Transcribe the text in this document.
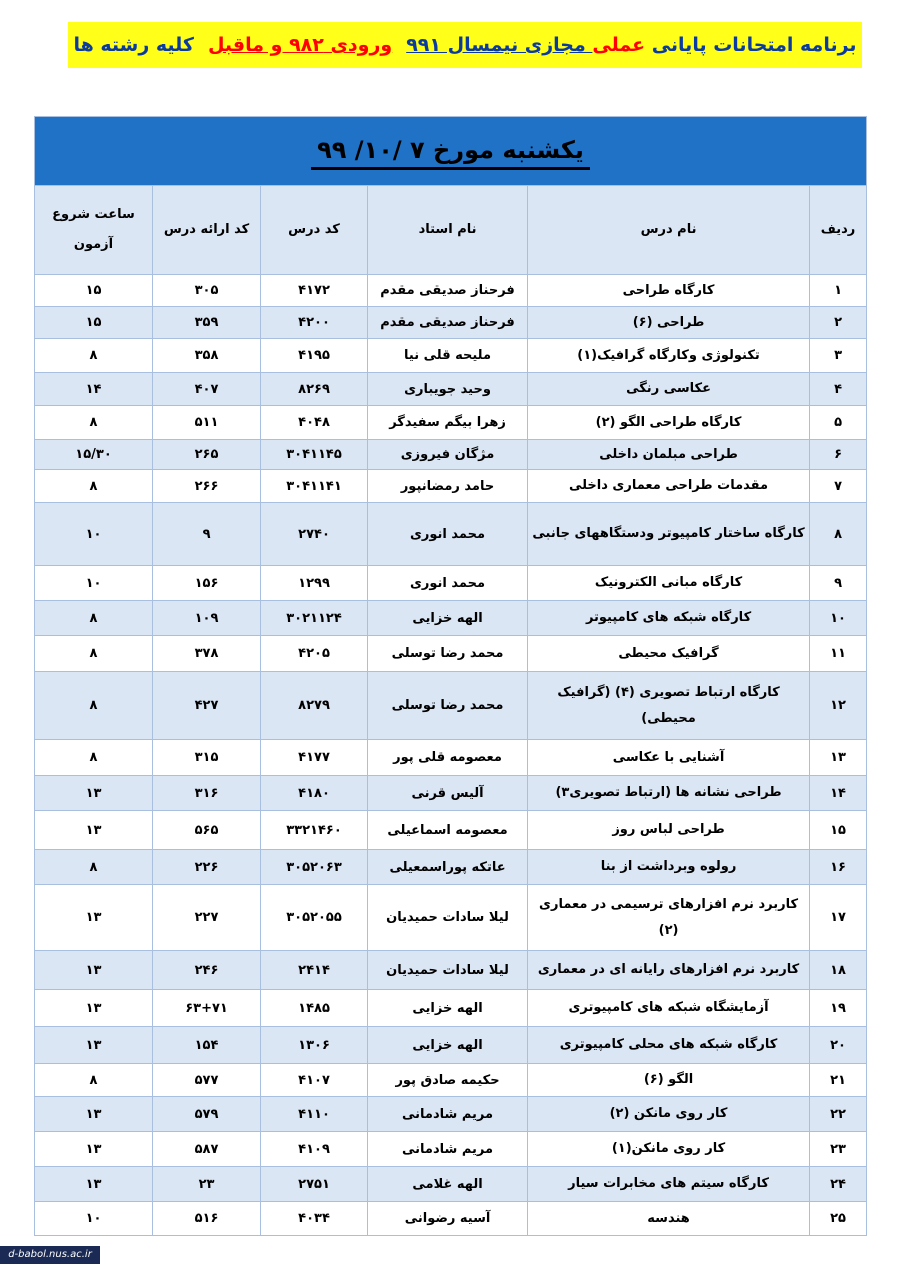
برنامه امتحانات پایانی عملی مجازی نیمسال ۹۹۱ورودی ۹۸۲ و ماقبلکلیه رشته ها
یکشنبه مورخ ۷ /۱۰/ ۹۹					
ردیف	نام درس	نام استاد	کد درس	کد ارائه درس	ساعت شروع آزمون
۱	کارگاه طراحی	فرحناز صدیقی مقدم	۴۱۷۲	۳۰۵	۱۵
۲	طراحی (۶)	فرحناز صدیقی مقدم	۴۲۰۰	۳۵۹	۱۵
۳	تکنولوژی وکارگاه گرافیک(۱)	ملیحه قلی نیا	۴۱۹۵	۳۵۸	۸
۴	عکاسی رنگی	وحید جویباری	۸۲۶۹	۴۰۷	۱۴
۵	کارگاه طراحی الگو (۲)	زهرا بیگم سفیدگر	۴۰۴۸	۵۱۱	۸
۶	طراحی مبلمان داخلی	مژگان فیروزی	۳۰۴۱۱۴۵	۲۶۵	۱۵/۳۰
۷	مقدمات طراحی معماری داخلی	حامد رمضانپور	۳۰۴۱۱۴۱	۲۶۶	۸
۸	کارگاه ساختار کامپیوتر ودستگاههای جانبی	محمد انوری	۲۷۴۰	۹	۱۰
۹	کارگاه مبانی الکترونیک	محمد انوری	۱۲۹۹	۱۵۶	۱۰
۱۰	کارگاه شبکه های کامپیوتر	الهه خزایی	۳۰۲۱۱۲۴	۱۰۹	۸
۱۱	گرافیک محیطی	محمد رضا توسلی	۴۲۰۵	۳۷۸	۸
۱۲	کارگاه ارتباط تصویری (۴) (گرافیک محیطی)	محمد رضا توسلی	۸۲۷۹	۴۲۷	۸
۱۳	آشنایی با عکاسی	معصومه قلی پور	۴۱۷۷	۳۱۵	۸
۱۴	طراحی نشانه ها (ارتباط تصویری۳)	آلیس قرنی	۴۱۸۰	۳۱۶	۱۳
۱۵	طراحی لباس روز	معصومه اسماعیلی	۳۳۲۱۴۶۰	۵۶۵	۱۳
۱۶	رولوه وبرداشت از بنا	عاتکه پوراسمعیلی	۳۰۵۲۰۶۳	۲۲۶	۸
۱۷	کاربرد نرم افزارهای ترسیمی در معماری (۲)	لیلا سادات حمیدیان	۳۰۵۲۰۵۵	۲۲۷	۱۳
۱۸	کاربرد نرم افزارهای رایانه ای در معماری	لیلا سادات حمیدیان	۲۴۱۴	۲۴۶	۱۳
۱۹	آزمایشگاه شبکه های کامپیوتری	الهه خزایی	۱۴۸۵	۶۳+۷۱	۱۳
۲۰	کارگاه شبکه های محلی کامپیوتری	الهه خزایی	۱۳۰۶	۱۵۴	۱۳
۲۱	الگو (۶)	حکیمه صادق پور	۴۱۰۷	۵۷۷	۸
۲۲	کار روی مانکن (۲)	مریم شادمانی	۴۱۱۰	۵۷۹	۱۳
۲۳	کار روی مانکن(۱)	مریم شادمانی	۴۱۰۹	۵۸۷	۱۳
۲۴	کارگاه سیتم های مخابرات سیار	الهه غلامی	۲۷۵۱	۲۳	۱۳
۲۵	هندسه	آسیه رضوانی	۴۰۳۴	۵۱۶	۱۰
d-babol.nus.ac.ir
